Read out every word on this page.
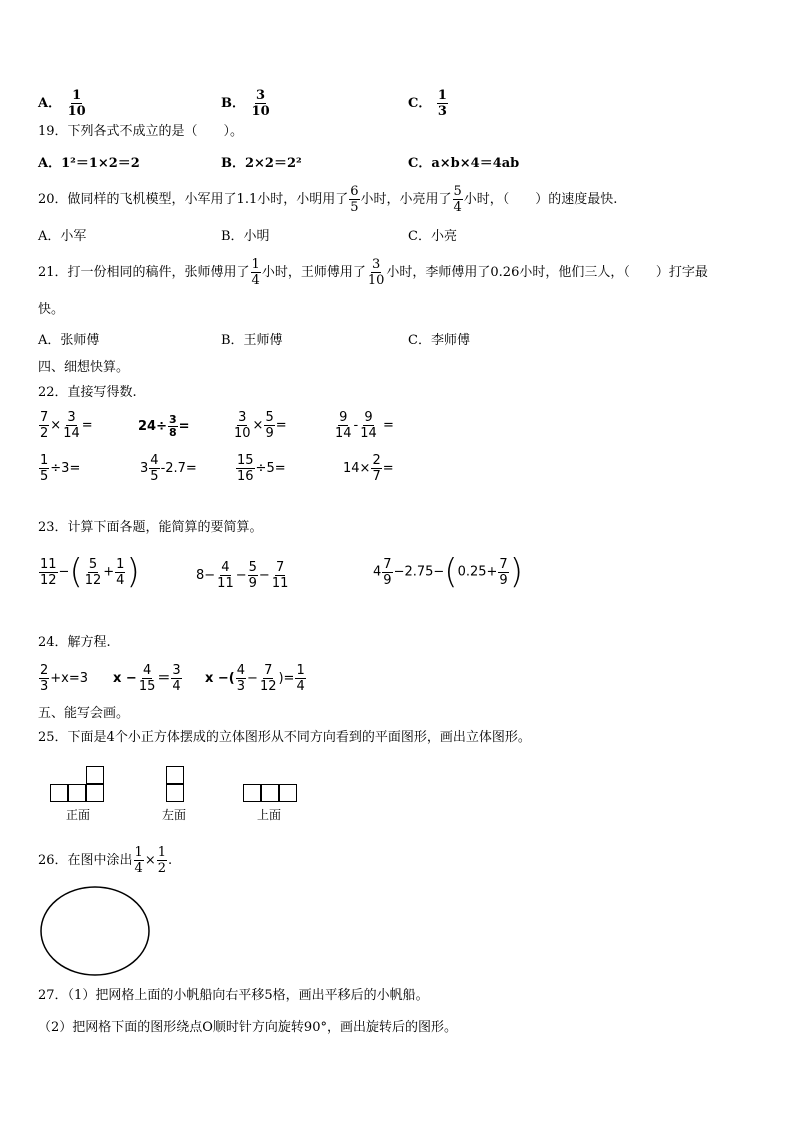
A． $\frac{1}{10}$	B． $\frac{3}{10}$	C． $\frac{1}{3}$
19．下列各式不成立的是（　　）。
A．1²＝1×2＝2	B．2×2＝2²	C．a×b×4＝4ab
20．做同样的飞机模型，小军用了1.1小时，小明用了 $\frac{6}{5}$ 小时，小亮用了 $\frac{5}{4}$ 小时，（　　）的速度最快.
A．小军	B．小明	C．小亮
21．打一份相同的稿件，张师傅用了 $\frac{1}{4}$ 小时，王师傅用了 $\frac{3}{10}$ 小时，李师傅用了0.26小时，他们三人，（　　）打字最
快。
A．张师傅	B．王师傅	C．李师傅
四、细想快算。
22．直接写得数.
$\frac{7}{2} \times \frac{3}{14}$ =	$24\div \frac{3}{8}$ =	$\frac{3}{10} \times \frac{5}{9}$ =	$\frac{9}{14} - \frac{9}{14}$ =
$\frac{1}{5} \div 3=$	$3 \frac{4}{5} -2.7=$	$\frac{15}{16} \div 5=$	$14\times \frac{2}{7}$ =
23．计算下面各题，能简算的要简算。
$\frac{11}{12}$ −( $\frac{5}{12} + \frac{1}{4}$ )	$8- \frac{4}{11} - \frac{5}{9} - \frac{7}{11}$	$4 \frac{7}{9} -2.75-(0.25+ \frac{7}{9}$ )
24．解方程.
$\frac{2}{3} +x=3$ $x - \frac{4}{15} = \frac{3}{4}$ x −( $\frac{4}{3} - \frac{7}{12}$ )= $\frac{1}{4}$
五、能写会画。
25．下面是4个小正方体摆成的立体图形从不同方向看到的平面图形，画出立体图形。
正面	左面	上面
26．在图中涂出 $\frac{1}{4} \times \frac{1}{2}$ .
27．（1）把网格上面的小帆船向右平移5格，画出平移后的小帆船。
（2）把网格下面的图形绕点O顺时针方向旋转90°，画出旋转后的图形。
